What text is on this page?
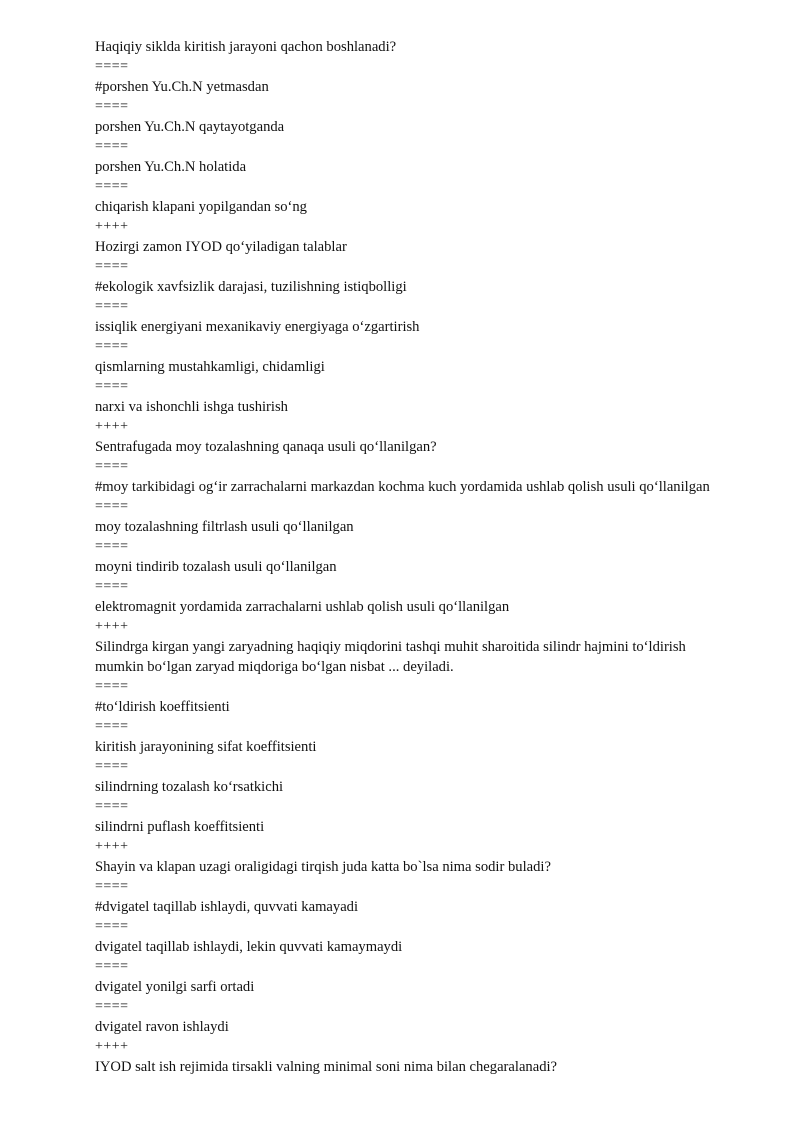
Haqiqiy siklda kiritish jarayoni qachon boshlanadi?

====

#porshen Yu.Ch.N yetmasdan

====

porshen Yu.Ch.N qaytayotganda

====

porshen Yu.Ch.N holatida

====

chiqarish klapani yopilgandan so‘ng

++++

Hozirgi zamon IYOD qo‘yiladigan talablar

====

#ekologik xavfsizlik darajasi, tuzilishning istiqbolligi

====

issiqlik energiyani mexanikaviy energiyaga o‘zgartirish

====

qismlarning mustahkamligi, chidamligi

====

narxi va ishonchli ishga tushirish

++++

Sentrafugada moy tozalashning qanaqa usuli qo‘llanilgan?

====

#moy tarkibidagi og‘ir zarrachalarni markazdan kochma kuch yordamida ushlab qolish usuli qo‘llanilgan

====

moy tozalashning filtrlash usuli qo‘llanilgan

====

moyni tindirib tozalash usuli qo‘llanilgan

====

elektromagnit yordamida zarrachalarni ushlab qolish usuli qo‘llanilgan

++++

Silindrga kirgan yangi zaryadning haqiqiy miqdorini tashqi muhit sharoitida silindr hajmini to‘ldirish mumkin bo‘lgan zaryad miqdoriga bo‘lgan nisbat ... deyiladi.

====

#to‘ldirish koeffitsienti

====

kiritish jarayonining sifat koeffitsienti

====

silindrning tozalash ko‘rsatkichi

====

silindrni puflash koeffitsienti

++++

Shayin va klapan uzagi oraligidagi tirqish juda katta bo`lsa nima sodir buladi?

====

#dvigatel taqillab ishlaydi, quvvati kamayadi

====

dvigatel taqillab ishlaydi, lekin quvvati kamaymaydi

====

dvigatel yonilgi sarfi ortadi

====

dvigatel ravon ishlaydi

++++

IYOD salt ish rejimida tirsakli valning minimal soni nima bilan chegaralanadi?
